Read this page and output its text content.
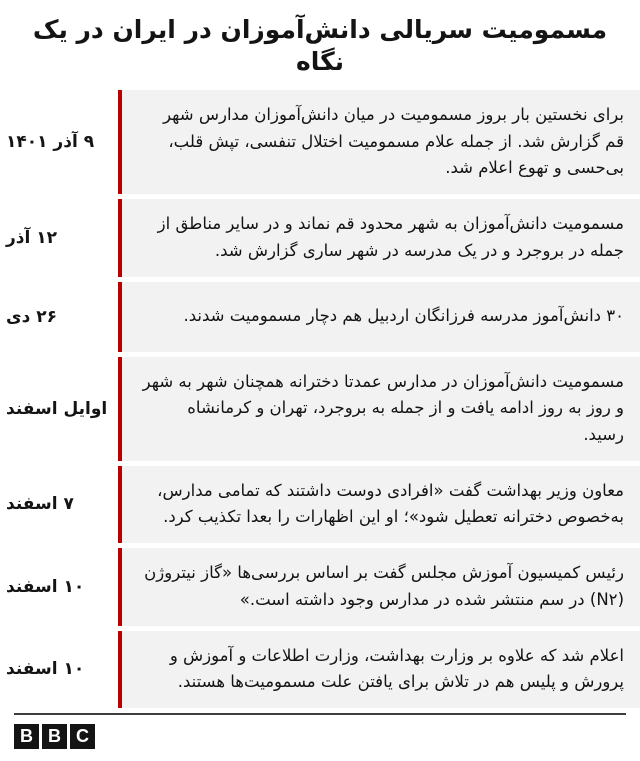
مسمومیت سریالی دانش‌آموزان در ایران در یک نگاه

برای نخستین بار بروز مسمومیت در میان دانش‌آموزان مدارس شهر قم گزارش شد. از جمله علام مسمومیت اختلال تنفسی، تپش قلب، بی‌حسی و تهوع اعلام شد.

۹ آذر ۱۴۰۱

مسمومیت دانش‌آموزان به شهر محدود قم نماند و در سایر مناطق از جمله در بروجرد و در یک مدرسه در شهر ساری گزارش شد.

۱۲ آذر

۳۰ دانش‌آموز مدرسه فرزانگان اردبیل هم دچار مسمومیت شدند.

۲۶ دی

مسمومیت دانش‌آموزان در مدارس عمدتا دخترانه همچنان شهر به شهر و روز به روز ادامه یافت و از جمله به بروجرد، تهران و کرمانشاه رسید.

اوایل اسفند

معاون وزیر بهداشت گفت «افرادی دوست داشتند که تمامی مدارس، به‌خصوص دخترانه تعطیل شود»؛ او این اظهارات را بعدا تکذیب کرد.

۷ اسفند

رئیس کمیسیون آموزش مجلس گفت بر اساس بررسی‌ها «گاز نیتروژن (N۲) در سم منتشر شده در مدارس وجود داشته است.»

۱۰ اسفند

اعلام شد که علاوه بر وزارت بهداشت، وزارت اطلاعات و آموزش و پرورش و پلیس هم در تلاش برای یافتن علت مسمومیت‌ها هستند.

۱۰ اسفند
B B C
